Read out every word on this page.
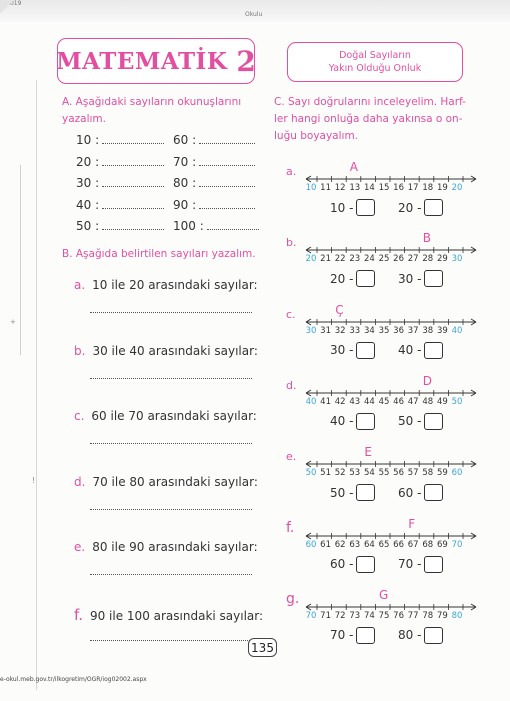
ra2019
Okulu
+
!
MATEMATİK 2	Doğal Sayıların
Yakın Olduğu Onluk
A. Aşağıdaki sayıların okunuşlarını yazalım.
10 :	60 :
20 :	70 :
30 :	80 :
40 :	90 :
50 :	100 :
B. Aşağıda belirtilen sayıları yazalım.
a. 10 ile 20 arasındaki sayılar:
b. 30 ile 40 arasındaki sayılar:
c. 60 ile 70 arasındaki sayılar:
d. 70 ile 80 arasındaki sayılar:
e. 80 ile 90 arasındaki sayılar:
f. 90 ile 100 arasındaki sayılar:
C. Sayı doğrularını inceleyelim. Harf-
ler hangi onluğa daha yakınsa o on-
luğu boyayalım.
a.
10 11 12 13 14 15 16 17 18 19 20
A
10 -	20 -
b.
20 21 22 23 24 25 26 27 28 29 30
B
20 -	30 -
c.
30 31 32 33 34 35 36 37 38 39 40
Ç
30 -	40 -
d.
40 41 42 43 44 45 46 47 48 49 50
D
40 -	50 -
e.
50 51 52 53 54 55 56 57 58 59 60
E
50 -	60 -
f.
60 61 62 63 64 65 66 67 68 69 70
F
60 -	70 -
g.
70 71 72 73 74 75 76 77 78 79 80
G
70 -	80 -
135
e-okul.meb.gov.tr/ilkogretim/OGR/iog02002.aspx
